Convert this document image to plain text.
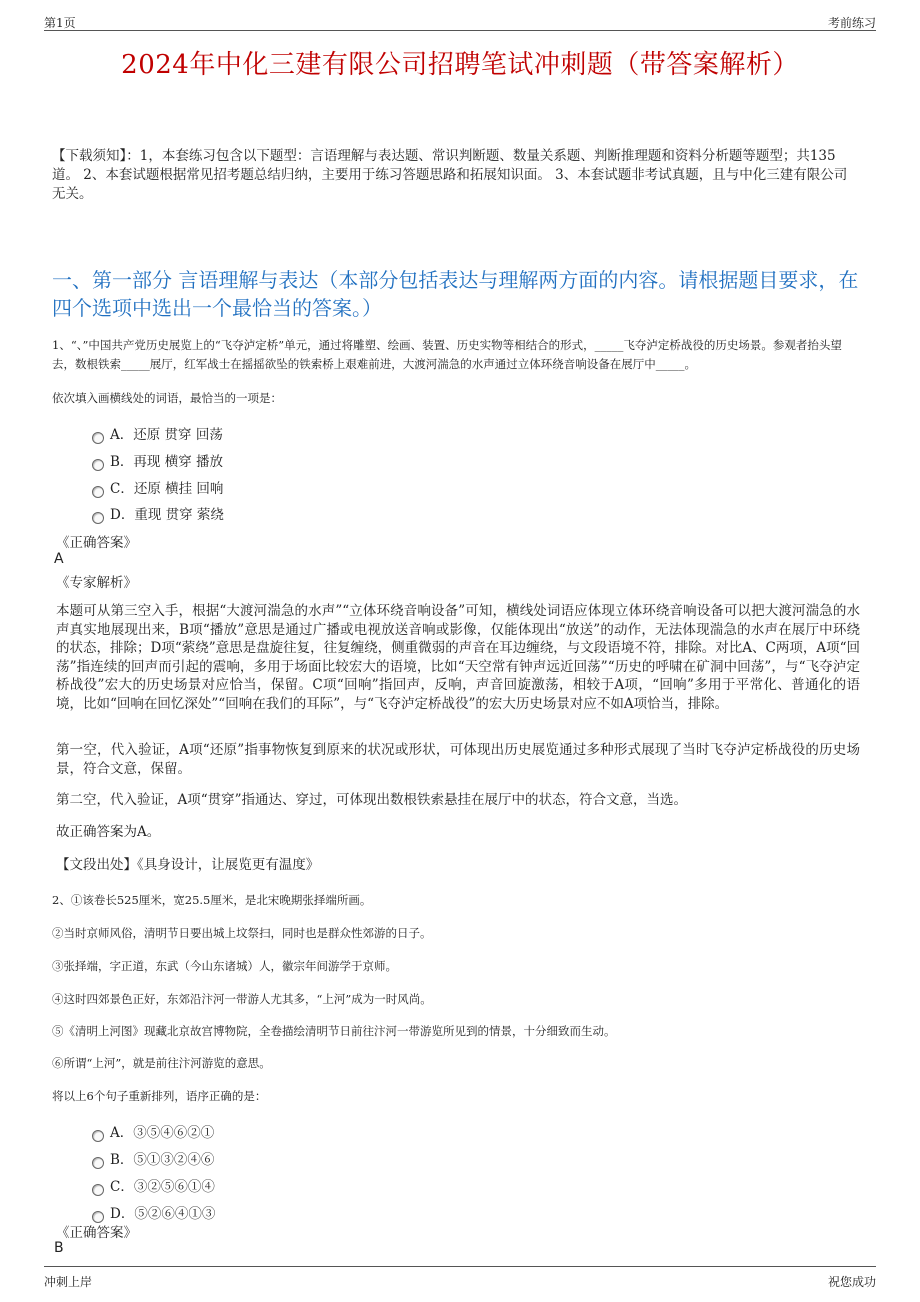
第1页	考前练习
2024年中化三建有限公司招聘笔试冲刺题（带答案解析）
【下载须知】：1，本套练习包含以下题型：言语理解与表达题、常识判断题、数量关系题、判断推理题和资料分析题等题型；共135道。 2、本套试题根据常见招考题总结归纳，主要用于练习答题思路和拓展知识面。 3、本套试题非考试真题，且与中化三建有限公司无关。
一、第一部分 言语理解与表达（本部分包括表达与理解两方面的内容。请根据题目要求，在四个选项中选出一个最恰当的答案。）
1、“、”中国共产党历史展览上的“飞夺泸定桥”单元，通过将雕塑、绘画、装置、历史实物等相结合的形式，_____飞夺泸定桥战役的历史场景。参观者抬头望去，数根铁索_____展厅，红军战士在摇摇欲坠的铁索桥上艰难前进，大渡河湍急的水声通过立体环绕音响设备在展厅中_____。
依次填入画横线处的词语，最恰当的一项是：
A．还原 贯穿 回荡
B．再现 横穿 播放
C．还原 横挂 回响
D．重现 贯穿 萦绕
《正确答案》
A
《专家解析》
本题可从第三空入手，根据“大渡河湍急的水声”“立体环绕音响设备”可知，横线处词语应体现立体环绕音响设备可以把大渡河湍急的水声真实地展现出来，B项“播放”意思是通过广播或电视放送音响或影像，仅能体现出“放送”的动作，无法体现湍急的水声在展厅中环绕的状态，排除；D项“萦绕”意思是盘旋往复，往复缠绕，侧重微弱的声音在耳边缠绕，与文段语境不符，排除。对比A、C两项，A项“回荡”指连续的回声而引起的震响，多用于场面比较宏大的语境，比如“天空常有钟声远近回荡”“历史的呼啸在矿洞中回荡”，与“飞夺泸定桥战役”宏大的历史场景对应恰当，保留。C项“回响”指回声，反响，声音回旋激荡，相较于A项，“回响”多用于平常化、普通化的语境，比如“回响在回忆深处”“回响在我们的耳际”，与“飞夺泸定桥战役”的宏大历史场景对应不如A项恰当，排除。
第一空，代入验证，A项“还原”指事物恢复到原来的状况或形状，可体现出历史展览通过多种形式展现了当时飞夺泸定桥战役的历史场景，符合文意，保留。
第二空，代入验证，A项“贯穿”指通达、穿过，可体现出数根铁索悬挂在展厅中的状态，符合文意，当选。
故正确答案为A。
【文段出处】《具身设计，让展览更有温度》
2、①该卷长525厘米，宽25.5厘米，是北宋晚期张择端所画。
②当时京师风俗，清明节日要出城上坟祭扫，同时也是群众性郊游的日子。
③张择端，字正道，东武（今山东诸城）人，徽宗年间游学于京师。
④这时四郊景色正好，东郊沿汴河一带游人尤其多，“上河”成为一时风尚。
⑤《清明上河图》现藏北京故宫博物院，全卷描绘清明节日前往汴河一带游览所见到的情景，十分细致而生动。
⑥所谓“上河”，就是前往汴河游览的意思。
将以上6个句子重新排列，语序正确的是：
A．③⑤④⑥②①
B．⑤①③②④⑥
C．③②⑤⑥①④
D．⑤②⑥④①③
《正确答案》
B
冲刺上岸	祝您成功
